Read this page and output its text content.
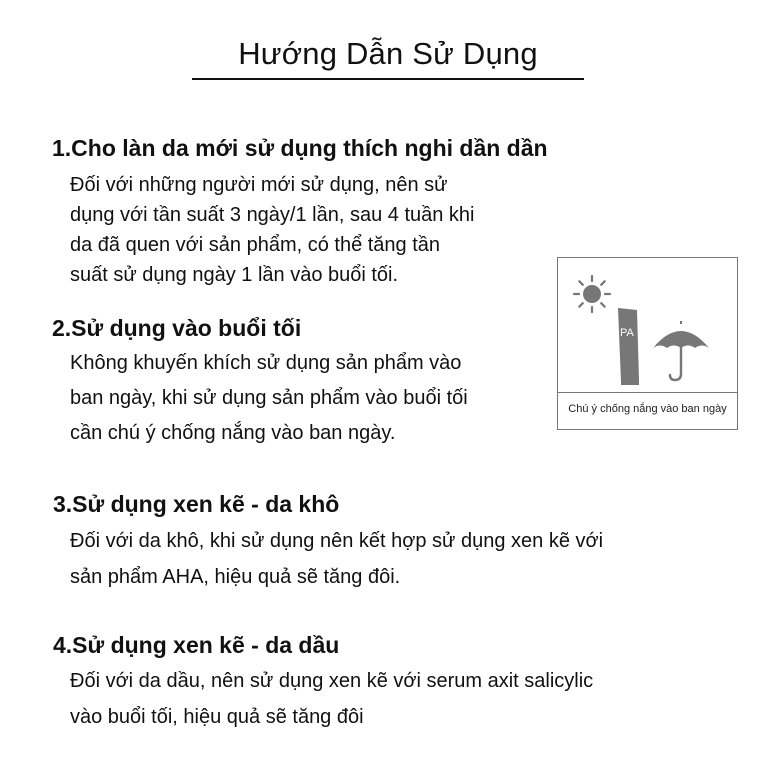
Hướng Dẫn Sử Dụng
1.Cho làn da mới sử dụng thích nghi dần dần

Đối với những người mới sử dụng, nên sử

dụng với tần suất 3 ngày/1 lần, sau 4 tuần khi

da đã quen với sản phẩm, có thể tăng tần

suất sử dụng ngày 1 lần vào buổi tối.

2.Sử dụng vào buổi tối

Không khuyến khích sử dụng sản phẩm vào

ban ngày, khi sử dụng sản phẩm vào buổi tối

cần chú ý chống nắng vào ban ngày.

3.Sử dụng xen kẽ - da khô

Đối với da khô, khi sử dụng nên kết hợp sử dụng xen kẽ với

sản phẩm AHA, hiệu quả sẽ tăng đôi.

4.Sử dụng xen kẽ - da dầu

Đối với da dầu, nên sử dụng xen kẽ với serum axit salicylic

vào buổi tối, hiệu quả sẽ tăng đôi

PA
Chú ý chống nắng vào ban ngày
